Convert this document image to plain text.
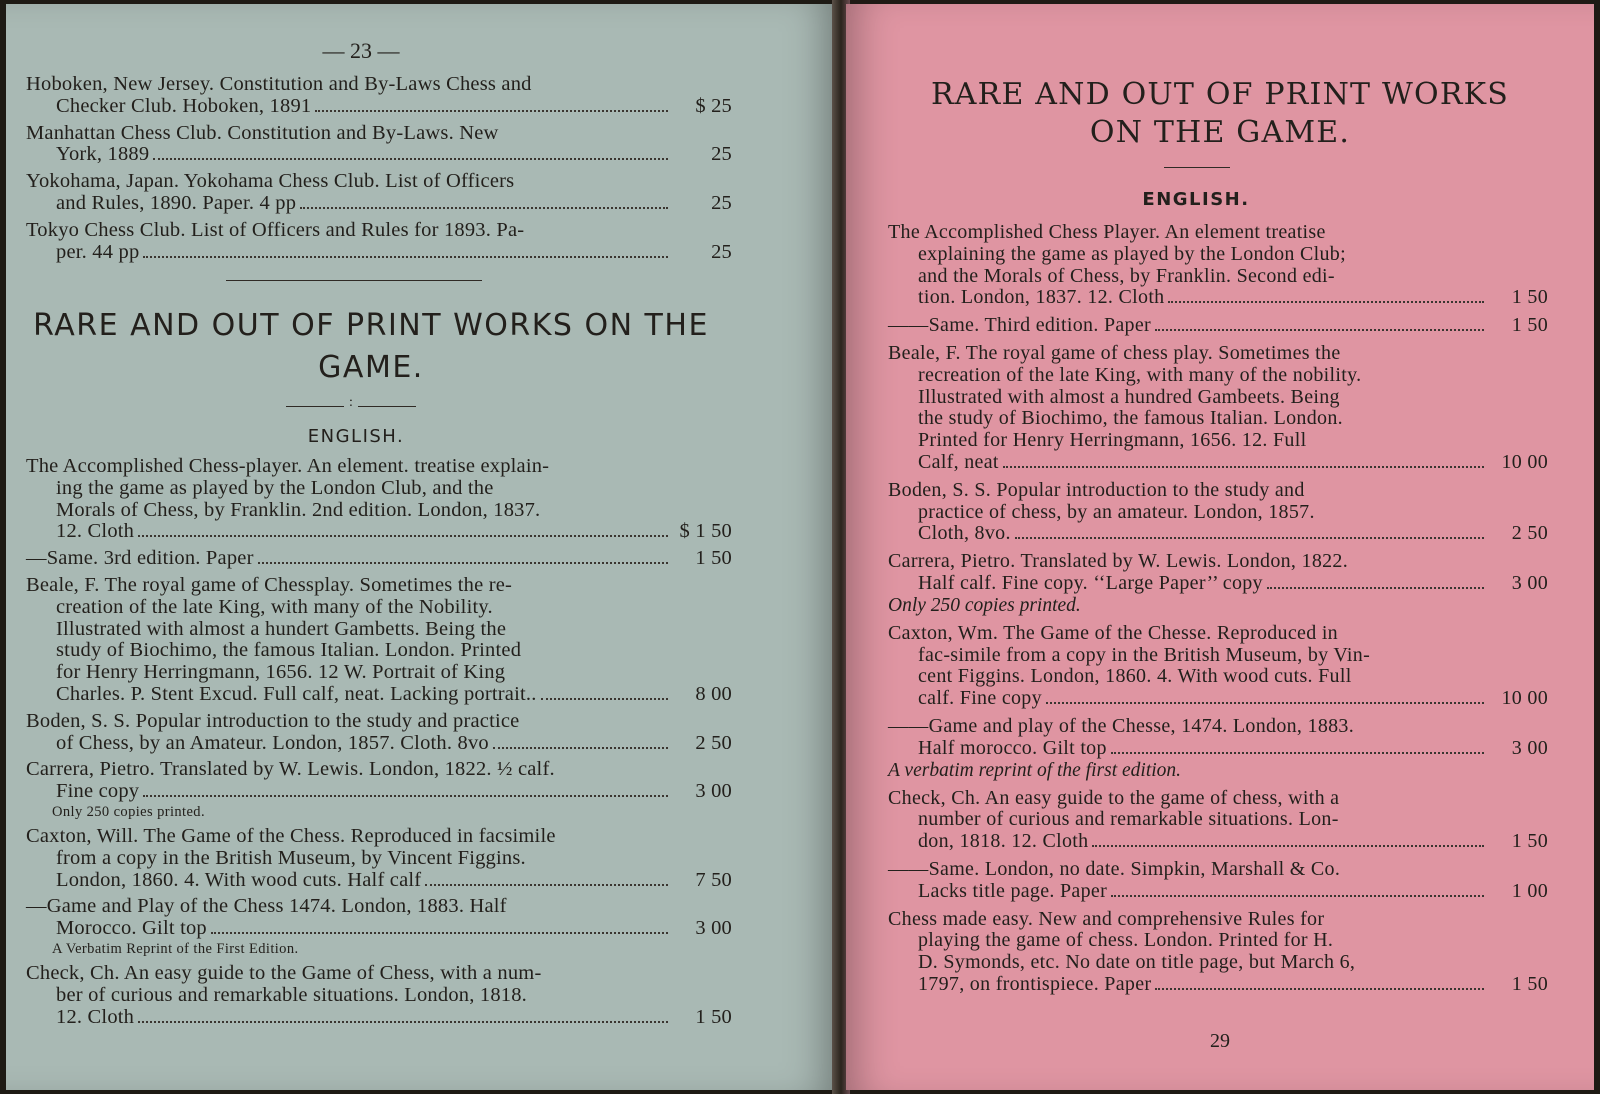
— 23 —
Hoboken, New Jersey. Constitution and By-Laws Chess and
Checker Club. Hoboken, 1891	$ 25
Manhattan Chess Club. Constitution and By-Laws. New
York, 1889	25
Yokohama, Japan. Yokohama Chess Club. List of Officers
and Rules, 1890. Paper. 4 pp	25
Tokyo Chess Club. List of Officers and Rules for 1893. Pa-
per. 44 pp	25
RARE AND OUT OF PRINT WORKS ON THE
GAME.
:
ENGLISH.
The Accomplished Chess-player. An element. treatise explain-
ing the game as played by the London Club, and the
Morals of Chess, by Franklin. 2nd edition. London, 1837.
12. Cloth	$ 1 50
—Same. 3rd edition. Paper	1 50
Beale, F. The royal game of Chessplay. Sometimes the re-
creation of the late King, with many of the Nobility.
Illustrated with almost a hundert Gambetts. Being the
study of Biochimo, the famous Italian. London. Printed
for Henry Herringmann, 1656. 12 W. Portrait of King
Charles. P. Stent Excud. Full calf, neat. Lacking portrait..	8 00
Boden, S. S. Popular introduction to the study and practice
of Chess, by an Amateur. London, 1857. Cloth. 8vo	2 50
Carrera, Pietro. Translated by W. Lewis. London, 1822. ½ calf.
Fine copy	3 00
Only 250 copies printed.
Caxton, Will. The Game of the Chess. Reproduced in facsimile
from a copy in the British Museum, by Vincent Figgins.
London, 1860. 4. With wood cuts. Half calf	7 50
—Game and Play of the Chess 1474. London, 1883. Half
Morocco. Gilt top	3 00
A Verbatim Reprint of the First Edition.
Check, Ch. An easy guide to the Game of Chess, with a num-
ber of curious and remarkable situations. London, 1818.
12. Cloth	1 50
RARE AND OUT OF PRINT WORKS
ON THE GAME.
ENGLISH.
The Accomplished Chess Player. An element treatise
explaining the game as played by the London Club;
and the Morals of Chess, by Franklin. Second edi-
tion. London, 1837. 12. Cloth	1 50
——Same. Third edition. Paper	1 50
Beale, F. The royal game of chess play. Sometimes the
recreation of the late King, with many of the nobility.
Illustrated with almost a hundred Gambeets. Being
the study of Biochimo, the famous Italian. London.
Printed for Henry Herringmann, 1656. 12. Full
Calf, neat	10 00
Boden, S. S. Popular introduction to the study and
practice of chess, by an amateur. London, 1857.
Cloth, 8vo.	2 50
Carrera, Pietro. Translated by W. Lewis. London, 1822.
Half calf. Fine copy. ‘‘Large Paper’’ copy	3 00
Only 250 copies printed.
Caxton, Wm. The Game of the Chesse. Reproduced in
fac-simile from a copy in the British Museum, by Vin-
cent Figgins. London, 1860. 4. With wood cuts. Full
calf. Fine copy	10 00
——Game and play of the Chesse, 1474. London, 1883.
Half morocco. Gilt top	3 00
A verbatim reprint of the first edition.
Check, Ch. An easy guide to the game of chess, with a
number of curious and remarkable situations. Lon-
don, 1818. 12. Cloth	1 50
——Same. London, no date. Simpkin, Marshall & Co.
Lacks title page. Paper	1 00
Chess made easy. New and comprehensive Rules for
playing the game of chess. London. Printed for H.
D. Symonds, etc. No date on title page, but March 6,
1797, on frontispiece. Paper	1 50
29
